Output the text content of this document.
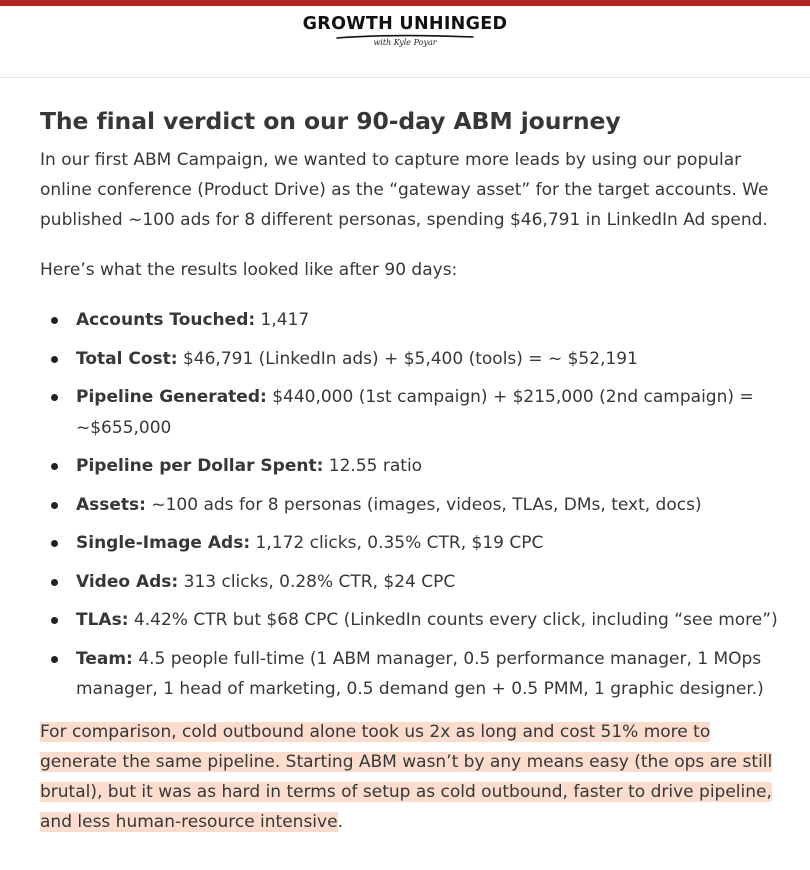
GROWTH UNHINGED
with Kyle Poyar
The final verdict on our 90-day ABM journey

In our first ABM Campaign, we wanted to capture more leads by using our popular online conference (Product Drive) as the “gateway asset” for the target accounts. We published ~100 ads for 8 different personas, spending $46,791 in LinkedIn Ad spend.

Here’s what the results looked like after 90 days:

Accounts Touched: 1,417
Total Cost: $46,791 (LinkedIn ads) + $5,400 (tools) = ~ $52,191
Pipeline Generated: $440,000 (1st campaign) + $215,000 (2nd campaign) = ~$655,000
Pipeline per Dollar Spent: 12.55 ratio
Assets: ~100 ads for 8 personas (images, videos, TLAs, DMs, text, docs)
Single-Image Ads: 1,172 clicks, 0.35% CTR, $19 CPC
Video Ads: 313 clicks, 0.28% CTR, $24 CPC
TLAs: 4.42% CTR but $68 CPC (LinkedIn counts every click, including “see more”)
Team: 4.5 people full-time (1 ABM manager, 0.5 performance manager, 1 MOps manager, 1 head of marketing, 0.5 demand gen + 0.5 PMM, 1 graphic designer.)

For comparison, cold outbound alone took us 2x as long and cost 51% more to generate the same pipeline. Starting ABM wasn’t by any means easy (the ops are still brutal), but it was as hard in terms of setup as cold outbound, faster to drive pipeline, and less human-resource intensive.
